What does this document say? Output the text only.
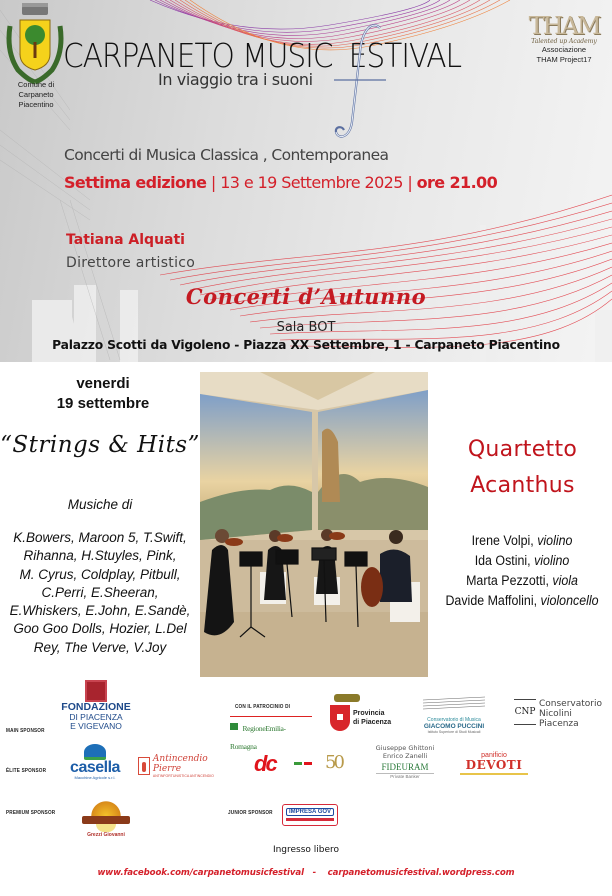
Comune di
Carpaneto
Piacentino
CARPANETO MUSIC ESTIVAL
In viaggio tra i suoni
THAM
Talented up Academy
Associazione
THAM Project17
Concerti di Musica Classica , Contemporanea
Settima edizione | 13 e 19 Settembre 2025 | ore 21.00
Tatiana Alquati
Direttore artistico
Concerti d’Autunno
Sala BOT
Palazzo Scotti da Vigoleno - Piazza XX Settembre, 1 - Carpaneto Piacentino
venerdi
19 settembre
“Strings & Hits”
Musiche di
K.Bowers, Maroon 5, T.Swift,
Rihanna, H.Stuyles, Pink,
M. Cyrus, Coldplay, Pitbull,
C.Perri, E.Sheeran,
E.Whiskers, E.John, E.Sandè,
Goo Goo Dolls, Hozier, L.Del
Rey, The Verve, V.Joy
Quartetto
Acanthus
Irene Volpi, violino
Ida Ostini, violino
Marta Pezzotti, viola
Davide Maffolini, violoncello
MAIN SPONSOR
ÉLITE SPONSOR
PREMIUM SPONSOR	JUNIOR SPONSOR
CON IL PATROCINIO DI
FONDAZIONE
DI PIACENZA
E VIGEVANO	RegioneEmilia-Romagna
Provincia
di Piacenza	Conservatorio di Musica
GIACOMO PUCCINI
Istituto Superiore di Studi Musicali
CNP
Conservatorio
Nicolini
Piacenza
casella
Macchine Agricole s.r.l.
Antincendio Pierre
ANTINFORTUNISTICA ANTINCENDIO	dc	50
Giuseppe Ghittoni
Enrico Zanelli
FIDEURAM
Private Banker
panificio
DEVOTI
Grezzi Giovanni
IMPRESA GOV
Ingresso libero
www.facebook.com/carpanetomusicfestival   -    carpanetomusicfestival.wordpress.com
